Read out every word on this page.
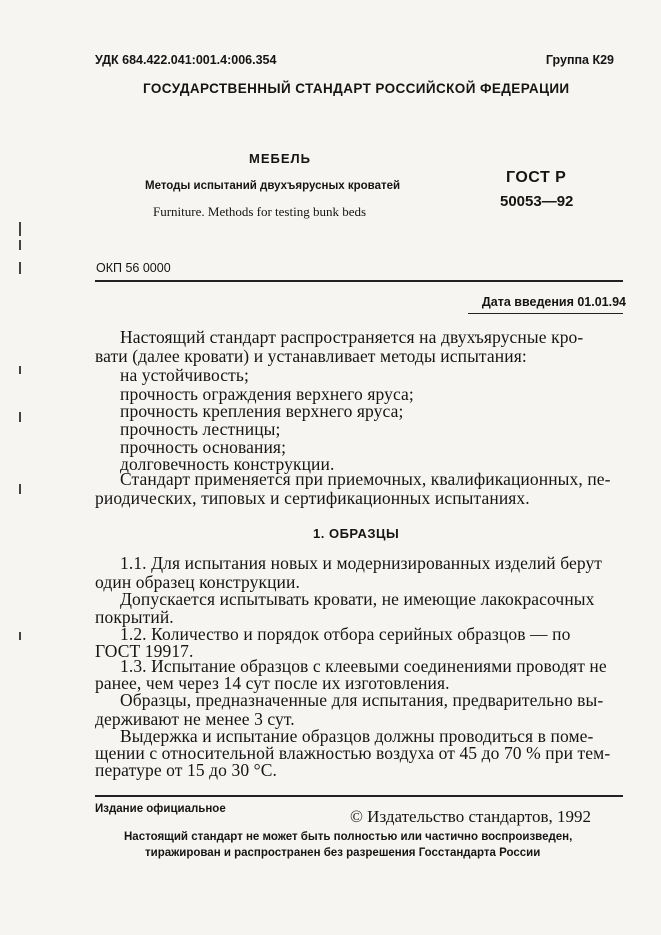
УДК 684.422.041:001.4:006.354	Группа К29
ГОСУДАРСТВЕННЫЙ СТАНДАРТ РОССИЙСКОЙ ФЕДЕРАЦИИ
МЕБЕЛЬ
Методы испытаний двухъярусных кроватей
Furniture. Methods for testing bunk beds
ГОСТ Р
50053—92
ОКП 56 0000
Дата введения 01.01.94
Настоящий стандарт распространяется на двухъярусные кро-
вати (далее кровати) и устанавливает методы испытания:
на устойчивость;
прочность ограждения верхнего яруса;
прочность крепления верхнего яруса;
прочность лестницы;
прочность основания;
долговечность конструкции.
Стандарт применяется при приемочных, квалификационных, пе-
риодических, типовых и сертификационных испытаниях.
1. ОБРАЗЦЫ
1.1. Для испытания новых и модернизированных изделий берут
один образец конструкции.
Допускается испытывать кровати, не имеющие лакокрасочных
покрытий.
1.2. Количество и порядок отбора серийных образцов — по
ГОСТ 19917.
1.3. Испытание образцов с клеевыми соединениями проводят не
ранее, чем через 14 сут после их изготовления.
Образцы, предназначенные для испытания, предварительно вы-
держивают не менее 3 сут.
Выдержка и испытание образцов должны проводиться в поме-
щении с относительной влажностью воздуха от 45 до 70 % при тем-
пературе от 15 до 30 °С.
Издание официальное	© Издательство стандартов, 1992
Настоящий стандарт не может быть полностью или частично воспроизведен,
тиражирован и распространен без разрешения Госстандарта России
